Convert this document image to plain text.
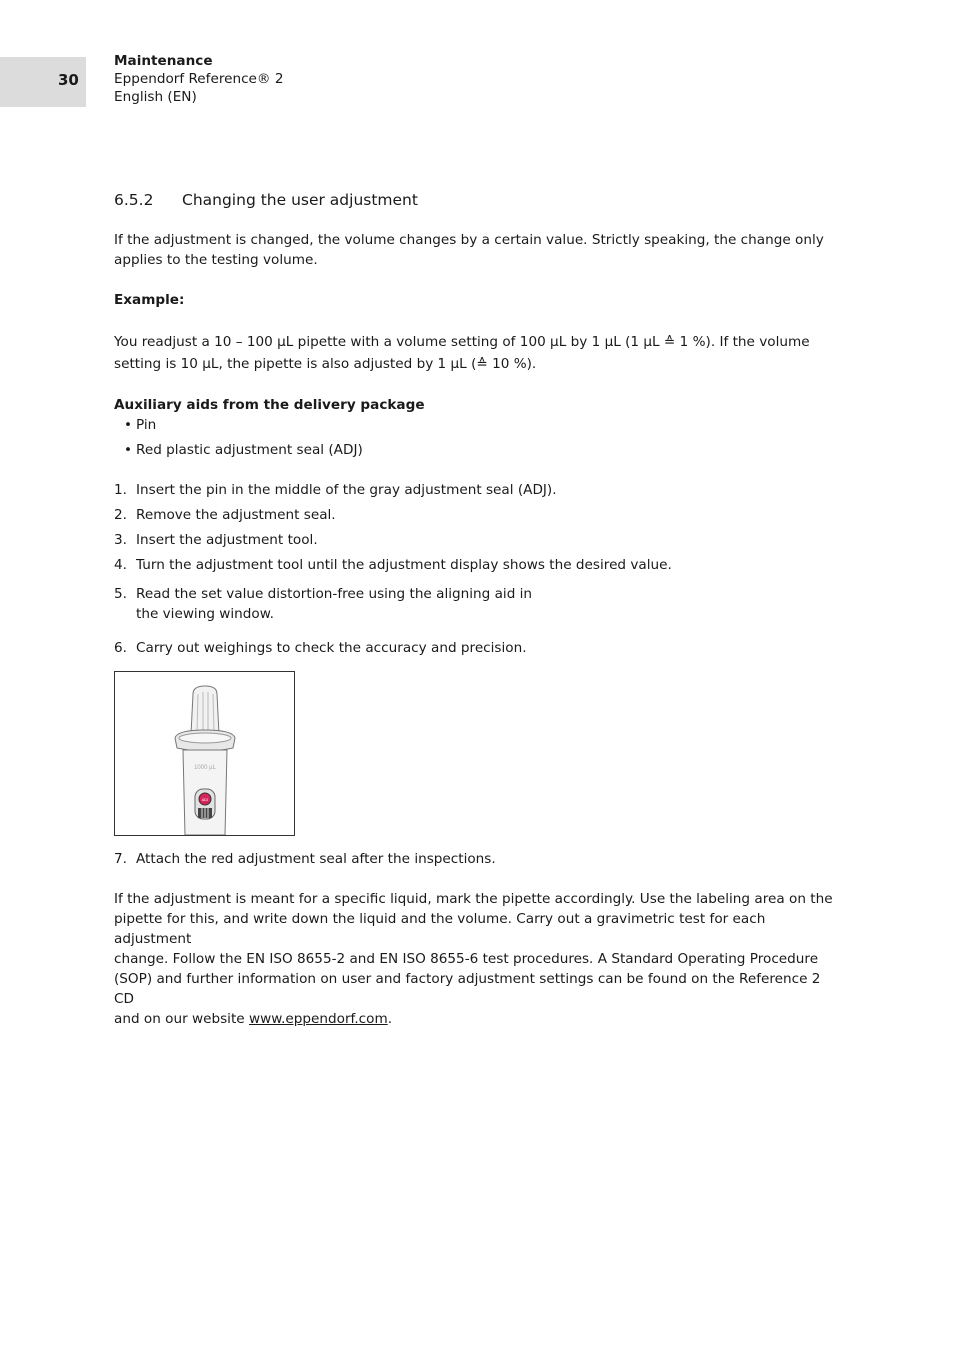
30
Maintenance
Eppendorf Reference® 2
English (EN)
6.5.2 Changing the user adjustment
If the adjustment is changed, the volume changes by a certain value. Strictly speaking, the change only
applies to the testing volume.
Example:
You readjust a 10 – 100 µL pipette with a volume setting of 100 µL by 1 µL (1 µL ≙ 1 %). If the volume
setting is 10 µL, the pipette is also adjusted by 1 µL (≙ 10 %).
Auxiliary aids from the delivery package
• Pin
• Red plastic adjustment seal (ADJ)
1. Insert the pin in the middle of the gray adjustment seal (ADJ).
2. Remove the adjustment seal.
3. Insert the adjustment tool.
4. Turn the adjustment tool until the adjustment display shows the desired value.
5. Read the set value distortion-free using the aligning aid in
the viewing window.
6. Carry out weighings to check the accuracy and precision.
7. Attach the red adjustment seal after the inspections.
If the adjustment is meant for a specific liquid, mark the pipette accordingly. Use the labeling area on the
pipette for this, and write down the liquid and the volume. Carry out a gravimetric test for each adjustment
change. Follow the EN ISO 8655-2 and EN ISO 8655-6 test procedures. A Standard Operating Procedure
(SOP) and further information on user and factory adjustment settings can be found on the Reference 2 CD
and on our website www.eppendorf.com.
1000 µL
ADJ
